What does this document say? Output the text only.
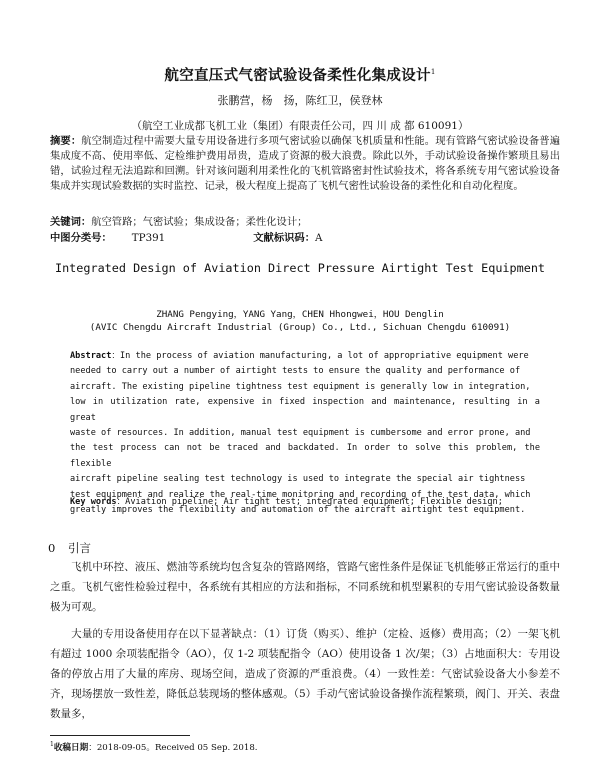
航空直压式气密试验设备柔性化集成设计$^1$
张鹏营，杨　扬，陈红卫，侯登林
（航空工业成都飞机工业（集团）有限责任公司，四 川 成 都 610091）
摘要：航空制造过程中需要大量专用设备进行多项气密试验以确保飞机质量和性能。现有管路气密试验设备普遍集成度不高、使用率低、定检维护费用昂贵，造成了资源的极大浪费。除此以外，手动试验设备操作繁琐且易出错，试验过程无法追踪和回溯。针对该问题利用柔性化的飞机管路密封性试验技术，将各系统专用气密试验设备集成并实现试验数据的实时监控、记录，极大程度上提高了飞机气密性试验设备的柔性化和自动化程度。
关键词：航空管路；气密试验；集成设备；柔性化设计；
中图分类号： TP391	文献标识码：A
Integrated Design of Aviation Direct Pressure Airtight Test Equipment
ZHANG Pengying，YANG Yang，CHEN Hhongwei，HOU Denglin
(AVIC Chengdu Aircraft Industrial (Group) Co., Ltd., Sichuan Chengdu 610091)
Abstract：In the process of aviation manufacturing, a lot of appropriative equipment were
needed to carry out a number of airtight tests to ensure the quality and performance of
aircraft. The existing pipeline tightness test equipment is generally low in integration,
low in utilization rate, expensive in fixed inspection and maintenance, resulting in a great
waste of resources. In addition, manual test equipment is cumbersome and error prone, and
the test process can not be traced and backdated. In order to solve this problem, the flexible
aircraft pipeline sealing test technology is used to integrate the special air tightness
test equipment and realize the real-time monitoring and recording of the test data, which
greatly improves the flexibility and automation of the aircraft airtight test equipment.
Key words：Aviation pipeline; Air tight test; integrated equipment; Flexible design;
0 引言
飞机中环控、液压、燃油等系统均包含复杂的管路网络，管路气密性条件是保证飞机能够正常运行的重中之重。飞机气密性检验过程中，各系统有其相应的方法和指标，不同系统和机型累积的专用气密试验设备数量极为可观。
大量的专用设备使用存在以下显著缺点：（1）订货（购买）、维护（定检、返修）费用高；（2）一架飞机有超过 1000 余项装配指令（AO），仅 1-2 项装配指令（AO）使用设备 1 次/架；（3）占地面积大：专用设备的停放占用了大量的库房、现场空间，造成了资源的严重浪费。（4）一致性差：气密试验设备大小参差不齐，现场摆放一致性差，降低总装现场的整体感观。（5）手动气密试验设备操作流程繁琐，阀门、开关、表盘数量多，
$^1$收稿日期：2018-09-05。Received 05 Sep. 2018.
